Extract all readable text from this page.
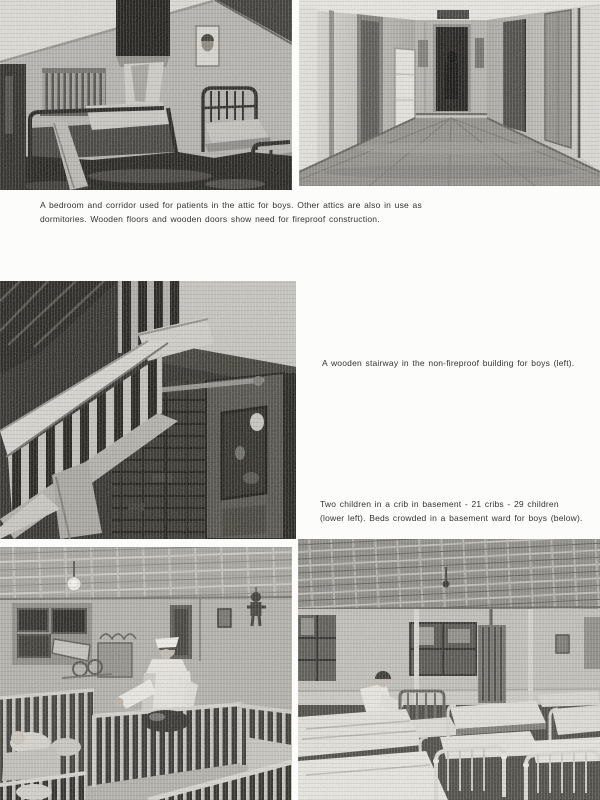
A bedroom and corridor used for patients in the attic for boys. Other attics are also in use as
dormitories. Wooden floors and wooden doors show need for fireproof construction.
A wooden stairway in the non-fireproof building for boys (left).
Two children in a crib in basement - 21 cribs - 29 children
(lower left). Beds crowded in a basement ward for boys (below).
